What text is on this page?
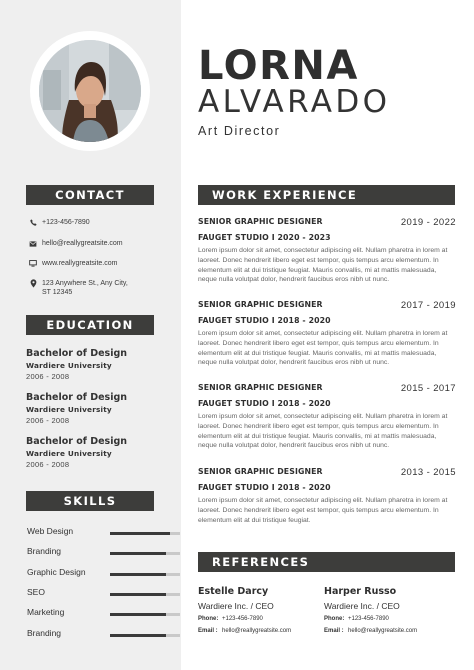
CONTACT
+123-456-7890
hello@reallygreatsite.com
www.reallygreatsite.com
123 Anywhere St., Any City,
ST 12345
EDUCATION
Bachelor of Design
Wardiere University
2006 - 2008
Bachelor of Design
Wardiere University
2006 - 2008
Bachelor of Design
Wardiere University
2006 - 2008
SKILLS
Web Design
Branding
Graphic Design
SEO
Marketing
Branding
LORNA
ALVARADO
Art Director
WORK EXPERIENCE
SENIOR GRAPHIC DESIGNER	2019 - 2022
FAUGET STUDIO I 2020 - 2023
Lorem ipsum dolor sit amet, consectetur adipiscing elit. Nullam pharetra in lorem at laoreet. Donec hendrerit libero eget est tempor, quis tempus arcu elementum. In elementum elit at dui tristique feugiat. Mauris convallis, mi at mattis malesuada, neque nulla volutpat dolor, hendrerit faucibus eros nibh ut nunc.
SENIOR GRAPHIC DESIGNER	2017 - 2019
FAUGET STUDIO I 2018 - 2020
Lorem ipsum dolor sit amet, consectetur adipiscing elit. Nullam pharetra in lorem at laoreet. Donec hendrerit libero eget est tempor, quis tempus arcu elementum. In elementum elit at dui tristique feugiat. Mauris convallis, mi at mattis malesuada, neque nulla volutpat dolor, hendrerit faucibus eros nibh ut nunc.
SENIOR GRAPHIC DESIGNER	2015 - 2017
FAUGET STUDIO I 2018 - 2020
Lorem ipsum dolor sit amet, consectetur adipiscing elit. Nullam pharetra in lorem at laoreet. Donec hendrerit libero eget est tempor, quis tempus arcu elementum. In elementum elit at dui tristique feugiat. Mauris convallis, mi at mattis malesuada, neque nulla volutpat dolor, hendrerit faucibus eros nibh ut nunc.
SENIOR GRAPHIC DESIGNER	2013 - 2015
FAUGET STUDIO I 2018 - 2020
Lorem ipsum dolor sit amet, consectetur adipiscing elit. Nullam pharetra in lorem at laoreet. Donec hendrerit libero eget est tempor, quis tempus arcu elementum. In elementum elit at dui tristique feugiat.
REFERENCES
Estelle Darcy
Wardiere Inc. / CEO
Phone: +123-456-7890
Email : hello@reallygreatsite.com
Harper Russo
Wardiere Inc. / CEO
Phone: +123-456-7890
Email : hello@reallygreatsite.com
